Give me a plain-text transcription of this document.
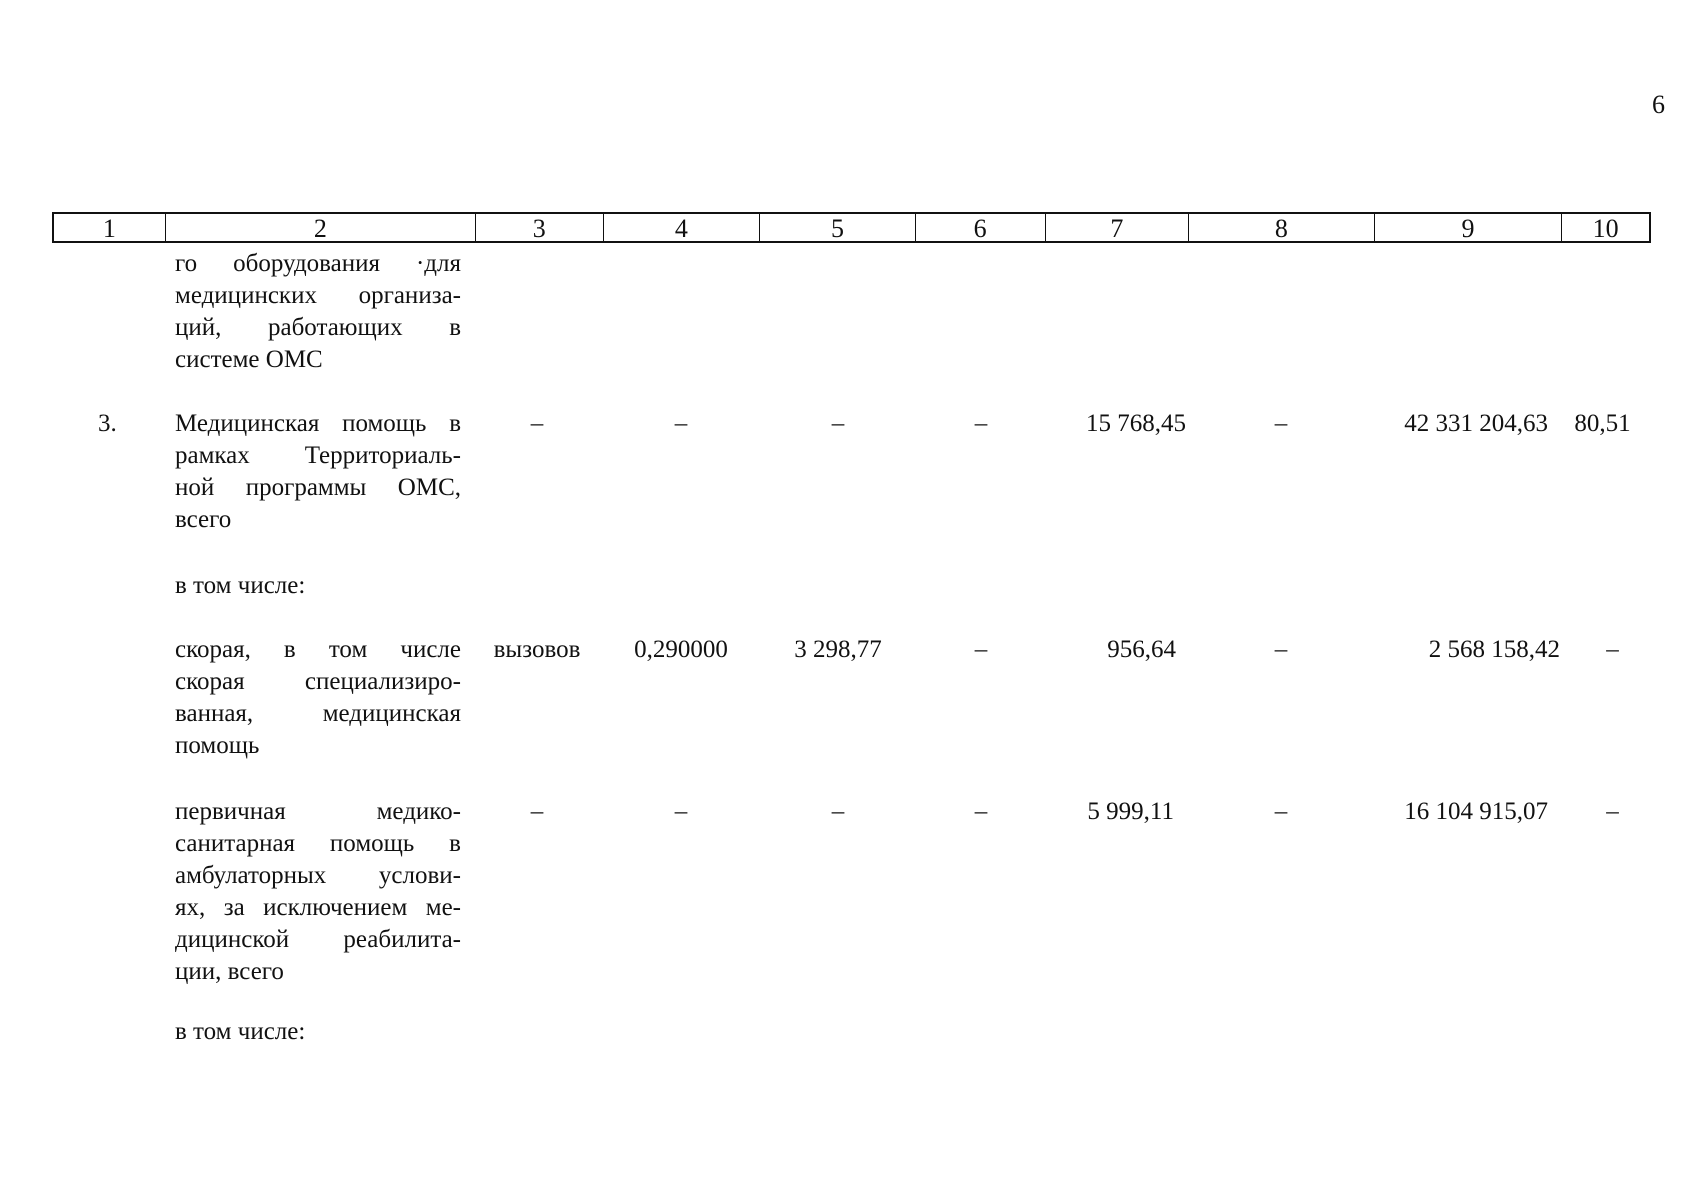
6
1	2	3	4	5	6	7	8	9	10
го оборудования ·для
медицинских организа-
ций, работающих в
системе ОМС
3. Медицинская помощь в
рамках Территориаль-
ной программы ОМС,
всего
–	–	–	–	15 768,45	–	42 331 204,63	80,51
в том числе:
скорая, в том числе
скорая специализиро-
ванная, медицинская
помощь
вызовов	0,290000	3 298,77	–	956,64	–	2 568 158,42	–
первичная медико-
санитарная помощь в
амбулаторных услови-
ях, за исключением ме-
дицинской реабилита-
ции, всего
–	–	–	–	5 999,11	–	16 104 915,07	–
в том числе:
